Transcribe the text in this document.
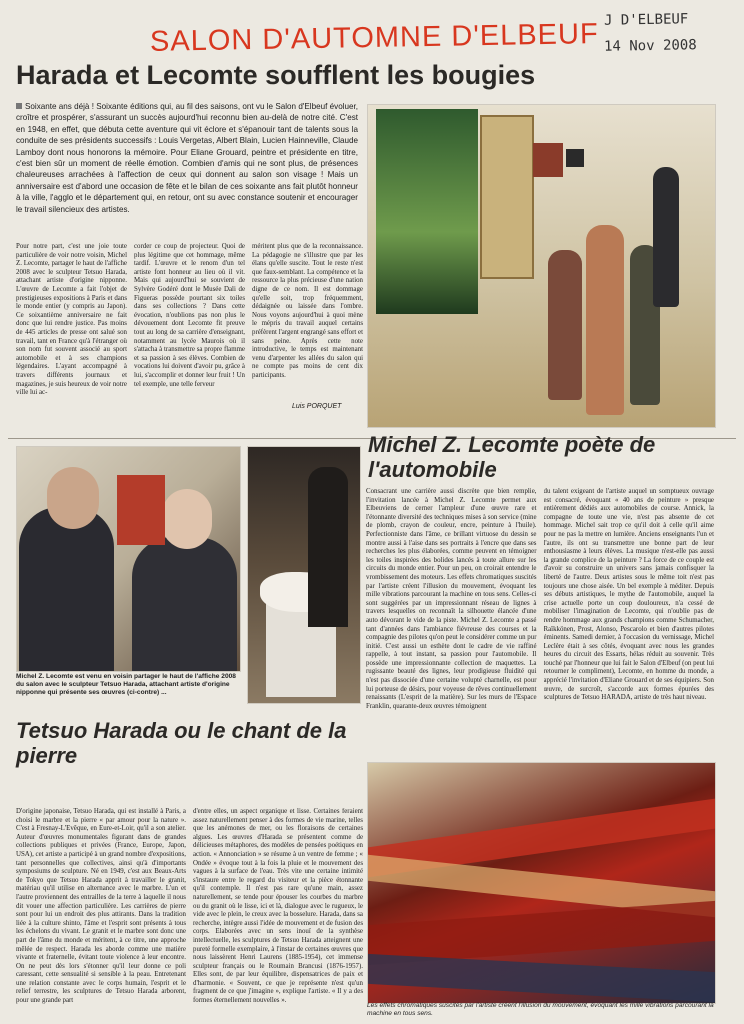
J D'ELBEUF
14 Nov 2008
SALON D'AUTOMNE D'ELBEUF
Harada et Lecomte soufflent les bougies

Soixante ans déjà ! Soixante éditions qui, au fil des saisons, ont vu le Salon d'Elbeuf évoluer, croître et prospérer, s'assurant un succès aujourd'hui reconnu bien au-delà de notre cité. C'est en 1948, en effet, que débuta cette aventure qui vit éclore et s'épanouir tant de talents sous la conduite de ses présidents successifs : Louis Vergetas, Albert Blain, Lucien Hainneville, Claude Lamboy dont nous honorons la mémoire. Pour Eliane Grouard, peintre et présidente en titre, c'est bien sûr un moment de réelle émotion. Combien d'amis qui ne sont plus, de présences chaleureuses arrachées à l'affection de ceux qui donnent au salon son visage ! Mais un anniversaire est d'abord une occasion de fête et le bilan de ces soixante ans fait plutôt honneur à la ville, l'agglo et le département qui, en retour, ont su avec constance soutenir et encourager le travail silencieux des artistes.

Pour notre part, c'est une joie toute particulière de voir notre voisin, Michel Z. Lecomte, partager le haut de l'affiche 2008 avec le sculpteur Tetsuo Harada, attachant artiste d'origine nipponne. L'œuvre de Lecomte a fait l'objet de prestigieuses expositions à Paris et dans le monde entier (y compris au Japon). Ce soixantième anniversaire ne fait donc que lui rendre justice. Pas moins de 445 articles de presse ont salué son travail, tant en France qu'à l'étranger où son nom fut souvent associé au sport automobile et à ses champions légendaires. L'ayant accompagné à travers différents journaux et magazines, je suis heureux de voir notre ville lui ac-

corder ce coup de projecteur. Quoi de plus légitime que cet hommage, même tardif. L'œuvre et le renom d'un tel artiste font honneur au lieu où il vit. Mais qui aujourd'hui se souvient de Sylvère Godéré dont le Musée Dali de Figueras possède pourtant six toiles dans ses collections ? Dans cette évocation, n'oublions pas non plus le dévouement dont Lecomte fit preuve tout au long de sa carrière d'enseignant, notamment au lycée Maurois où il s'attacha à transmettre sa propre flamme et sa passion à ses élèves. Combien de vocations lui doivent d'avoir pu, grâce à lui, s'accomplir et donner leur fruit ! Un tel exemple, une telle ferveur

méritent plus que de la reconnaissance. La pédagogie ne s'illustre que par les élans qu'elle suscite. Tout le reste n'est que faux-semblant. La compétence et la ressource la plus précieuse d'une nation digne de ce nom. Il est dommage qu'elle soit, trop fréquemment, dédaignée ou laissée dans l'ombre. Nous voyons aujourd'hui à quoi mène le mépris du travail auquel certains préfèrent l'argent engrangé sans effort et sans peine. Après cette note introductive, le temps est maintenant venu d'arpenter les allées du salon qui ne compte pas moins de cent dix participants.

Luis PORQUET

Michel Z. Lecomte est venu en voisin partager le haut de l'affiche 2008 du salon avec le sculpteur Tetsuo Harada, attachant artiste d'origine nipponne qui présente ses œuvres (ci-contre) ...

Michel Z. Lecomte poète de l'automobile

Consacrant une carrière aussi discrète que bien remplie, l'invitation lancée à Michel Z. Lecomte permet aux Elbeuviens de cerner l'ampleur d'une œuvre rare et l'étonnante diversité des techniques mises à son service (mine de plomb, crayon de couleur, encre, peinture à l'huile). Perfectionniste dans l'âme, ce brillant virtuose du dessin se montre aussi à l'aise dans ses portraits à l'encre que dans ses recherches les plus élaborées, comme peuvent en témoigner les toiles inspirées des bolides lancés à toute allure sur les circuits du monde entier. Pour un peu, on croirait entendre le vrombissement des moteurs. Les effets chromatiques suscités par l'artiste créent l'illusion du mouvement, évoquant les mille vibrations parcourant la machine en tous sens. Celles-ci sont suggérées par un impressionnant réseau de lignes à travers lesquelles on reconnaît la silhouette élancée d'une auto dévorant le vide de la piste. Michel Z. Lecomte a passé tant d'années dans l'ambiance fiévreuse des courses et la compagnie des pilotes qu'on peut le considérer comme un pur initié. C'est aussi un esthète dont le cadre de vie raffiné rappelle, à tout instant, sa passion pour l'automobile. Il possède une impressionnante collection de maquettes. La rugissante beauté des lignes, leur prodigieuse fluidité qui n'est pas dissociée d'une certaine volupté charnelle, est pour lui porteuse de désirs, pour voyeuse de rêves continuellement renaissants (L'esprit de la matière). Sur les murs de l'Espace Franklin, quarante-deux œuvres témoignent

du talent exigeant de l'artiste auquel un somptueux ouvrage est consacré, évoquant « 40 ans de peinture » presque entièrement dédiés aux automobiles de course. Annick, la compagne de toute une vie, n'est pas absente de cet hommage. Michel sait trop ce qu'il doit à celle qu'il aime pour ne pas la mettre en lumière. Anciens enseignants l'un et l'autre, ils ont su transmettre une bonne part de leur enthousiasme à leurs élèves. La musique n'est-elle pas aussi la grande complice de la peinture ? La force de ce couple est d'avoir su construire un univers sans jamais confisquer la liberté de l'autre. Deux artistes sous le même toit n'est pas toujours une chose aisée. Un bel exemple à méditer. Depuis ses débuts artistiques, le mythe de l'automobile, auquel la crise actuelle porte un coup douloureux, n'a cessé de mobiliser l'imagination de Lecomte, qui n'oublie pas de rendre hommage aux grands champions comme Schumacher, Raïkkönen, Prost, Alonso, Pescarolo et bien d'autres pilotes éminents. Samedi dernier, à l'occasion du vernissage, Michel Leclère était à ses côtés, évoquant avec nous les grandes heures du circuit des Essarts, hélas réduit au souvenir. Très touché par l'honneur que lui fait le Salon d'Elbeuf (on peut lui retourner le compliment), Lecomte, en homme du monde, a apprécié l'invitation d'Eliane Grouard et de ses équipiers. Son œuvre, de surcroît, s'accorde aux formes épurées des sculptures de Tetsuo HARADA, artiste de très haut niveau.

Tetsuo Harada ou le chant de la pierre

D'origine japonaise, Tetsuo Harada, qui est installé à Paris, a choisi le marbre et la pierre « par amour pour la nature ». C'est à Fresnay-L'Evêque, en Eure-et-Loir, qu'il a son atelier. Auteur d'œuvres monumentales figurant dans de grandes collections publiques et privées (France, Europe, Japon, USA), cet artiste a participé à un grand nombre d'expositions, tant personnelles que collectives, ainsi qu'à d'importants symposiums de sculpture. Né en 1949, c'est aux Beaux-Arts de Tokyo que Tetsuo Harada apprit à travailler le granit, matériau qu'il utilise en alternance avec le marbre. L'un et l'autre proviennent des entrailles de la terre à laquelle il nous dit vouer une affection particulière. Les carrières de pierre sont pour lui un endroit des plus attirants. Dans la tradition liée à la culture shinto, l'âme et l'esprit sont présents à tous les échelons du vivant. Le granit et le marbre sont donc une part de l'âme du monde et méritent, à ce titre, une approche mêlée de respect. Harada les aborde comme une matière vivante et fraternelle, évitant toute violence à leur encontre. On ne peut dès lors s'étonner qu'il leur donne ce poli caressant, cette sensualité si sensible à la peau. Entretenant une relation constante avec le corps humain, l'esprit et le relief terrestre, les sculptures de Tetsuo Harada arborent, pour une grande part

d'entre elles, un aspect organique et lisse. Certaines feraient assez naturellement penser à des formes de vie marine, telles que les anémones de mer, ou les floraisons de certaines algues. Les œuvres d'Harada se présentent comme de délicieuses métaphores, des modèles de pensées poétiques en action. « Annonciation » se résume à un ventre de femme ; « Ondée » évoque tout à la fois la pluie et le mouvement des vagues à la surface de l'eau. Très vite une certaine intimité s'instaure entre le regard du visiteur et la pièce étonnante qu'il contemple. Il n'est pas rare qu'une main, assez naturellement, se tende pour épouser les courbes du marbre ou du granit où le lisse, ici et là, dialogue avec le rugueux, le vide avec le plein, le creux avec la bosselure. Harada, dans sa recherche, intègre aussi l'idée de mouvement et de fusion des corps. Elaborées avec un sens inouï de la synthèse intellectuelle, les sculptures de Tetsuo Harada atteignent une pureté formelle exemplaire, à l'instar de certaines œuvres que nous laissèrent Henri Laurens (1885-1954), cet immense sculpteur français ou le Roumain Brancusi (1876-1957). Elles sont, de par leur équilibre, dispensatrices de paix et d'harmonie. « Souvent, ce que je représente n'est qu'un fragment de ce que j'imagine », explique l'artiste. « Il y a des formes éternellement nouvelles ».

Les effets chromatiques suscités par l'artiste créent l'illusion du mouvement, évoquant les mille vibrations parcourant la machine en tous sens.
